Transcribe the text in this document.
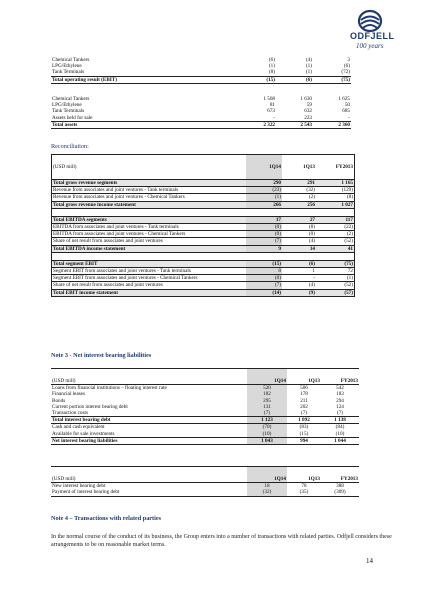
ODFJELL
100 years
Chemical Tankers	(6)	(4)	3
LPG/Ethylene	(1)	(1)	(6)
Tank Terminals	(8)	(1)	(72)
Total operating result (EBIT)	(15)	(6)	(75)
Chemical Tankers	1 568	1 630	1 625
LPG/Ethylene	81	59	50
Tank Terminals	673	632	685
Assets held for sale	-	223	-
Total assets	2 322	2 543	2 360
Reconciliation:
(USD mill)	1Q14	1Q13	FY2013
Total gross revenue segments	290	291	1 165
Revenue from associates and joint ventures - Tank terminals	(23)	(32)	(129)
Revenue from associates and joint ventures - Chemical Tankers	(1)	(2)	(8)
Total gross revenue income statement	266	256	1 027
Total EBITDA segments	17	27	117
EBITDA from associates and joint ventures - Tank terminals	(0)	(8)	(22)
EBITDA from associates and joint ventures - Chemical Tankers	(0)	(0)	(2)
Share of net result from associates and joint ventures	(7)	(4)	(52)
Total EBITDA income statement	9	14	41
Total segment EBIT	(15)	(6)	(75)
Segment EBIT from associates and joint ventures - Tank terminals	8	1	72
Segment EBIT from associates and joint ventures - Chemical Tankers	(0)	-	(1)
Share of net result from associates and joint ventures	(7)	(4)	(52)
Total EBIT income statement	(14)	(9)	(57)
Note 3 - Net interest bearing liabilities

(USD mill)	1Q14	1Q13	FY2013
Loans from financial institutions – floating interest rate	520	506	542
Financial leases	182	178	183
Bonds	295	211	294
Current portion interest bearing debt	131	202	124
Transaction costs	(7)	(7)	(7)
Total interest bearing debt	1 123	1 092	1 138
Cash and cash equivalent	(70)	(83)	(84)
Available for sale investments	(10)	(15)	(10)
Net interest bearing liabilities	1 043	994	1 044

(USD mill)	1Q14	1Q13	FY2013
New interest bearing debt	18	78	388
Payment of interest bearing debt	(32)	(35)	(309)
Note 4 – Transactions with related parties
In the normal course of the conduct of its business, the Group enters into a number of transactions with related parties. Odfjell considers these arrangements to be on reasonable market terms.
14
